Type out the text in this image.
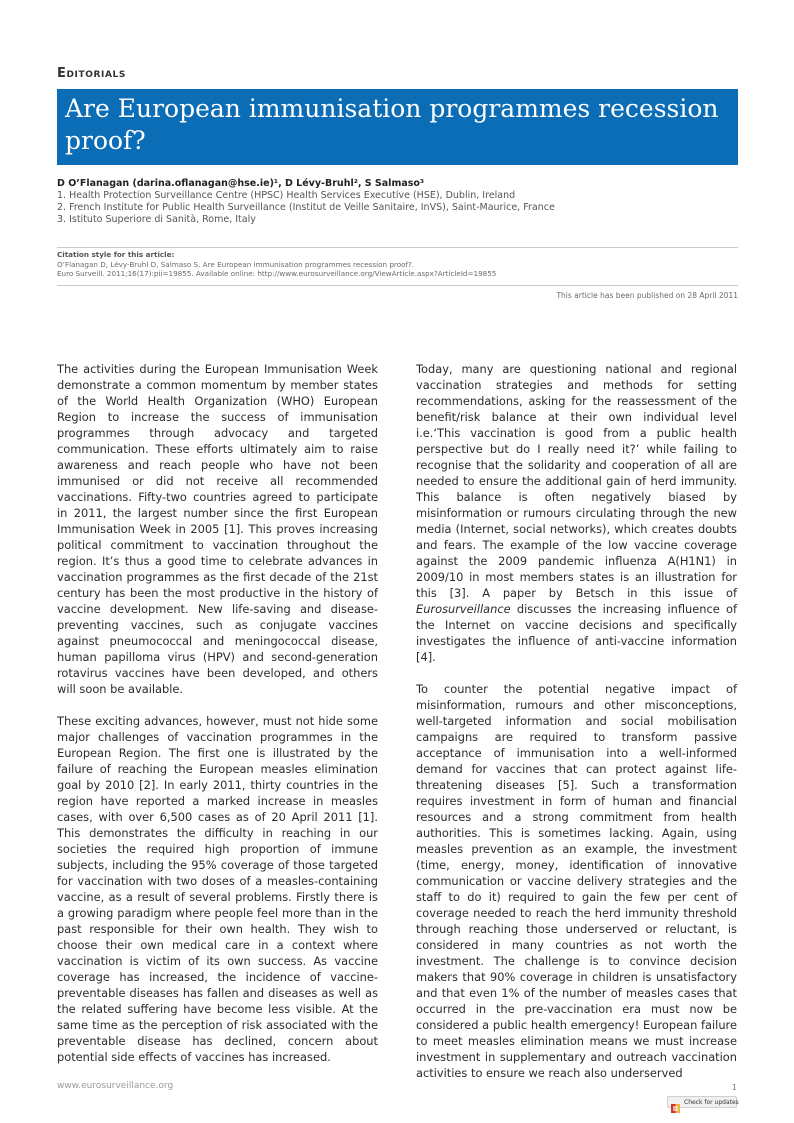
Editorials
Are European immunisation programmes recession proof?
D O’Flanagan (darina.oflanagan@hse.ie)¹, D Lévy-Bruhl², S Salmaso³
1. Health Protection Surveillance Centre (HPSC) Health Services Executive (HSE), Dublin, Ireland
2. French Institute for Public Health Surveillance (Institut de Veille Sanitaire, InVS), Saint-Maurice, France
3. Istituto Superiore di Sanità, Rome, Italy
Citation style for this article:
O’Flanagan D, Lévy-Bruhl D, Salmaso S. Are European immunisation programmes recession proof?.
Euro Surveill. 2011;16(17):pii=19855. Available online: http://www.eurosurveillance.org/ViewArticle.aspx?ArticleId=19855
This article has been published on 28 April 2011

The activities during the European Immunisation Week demonstrate a common momentum by member states of the World Health Organization (WHO) European Region to increase the success of immunisation programmes through advocacy and targeted communication. These efforts ultimately aim to raise awareness and reach people who have not been immunised or did not receive all recommended vaccinations. Fifty-two countries agreed to participate in 2011, the largest number since the first European Immunisation Week in 2005 [1]. This proves increasing political commitment to vaccination throughout the region. It’s thus a good time to celebrate advances in vaccination programmes as the first decade of the 21st century has been the most productive in the history of vaccine development. New life-saving and disease-preventing vaccines, such as conjugate vaccines against pneumococcal and meningococcal disease, human papilloma virus (HPV) and second-generation rotavirus vaccines have been developed, and others will soon be available.

These exciting advances, however, must not hide some major challenges of vaccination programmes in the European Region. The first one is illustrated by the failure of reaching the European measles elimination goal by 2010 [2]. In early 2011, thirty countries in the region have reported a marked increase in measles cases, with over 6,500 cases as of 20 April 2011 [1]. This demonstrates the difficulty in reaching in our societies the required high proportion of immune subjects, including the 95% coverage of those targeted for vaccination with two doses of a measles-containing vaccine, as a result of several problems. Firstly there is a growing paradigm where people feel more than in the past responsible for their own health. They wish to choose their own medical care in a context where vaccination is victim of its own success. As vaccine coverage has increased, the incidence of vaccine-preventable diseases has fallen and diseases as well as the related suffering have become less visible. At the same time as the perception of risk associated with the preventable disease has declined, concern about potential side effects of vaccines has increased.

Today, many are questioning national and regional vaccination strategies and methods for setting recommendations, asking for the reassessment of the benefit/risk balance at their own individual level i.e.‘This vaccination is good from a public health perspective but do I really need it?’ while failing to recognise that the solidarity and cooperation of all are needed to ensure the additional gain of herd immunity. This balance is often negatively biased by misinformation or rumours circulating through the new media (Internet, social networks), which creates doubts and fears. The example of the low vaccine coverage against the 2009 pandemic influenza A(H1N1) in 2009/10 in most members states is an illustration for this [3]. A paper by Betsch in this issue of Eurosurveillance discusses the increasing influence of the Internet on vaccine decisions and specifically investigates the influence of anti-vaccine information [4].

To counter the potential negative impact of misinformation, rumours and other misconceptions, well-targeted information and social mobilisation campaigns are required to transform passive acceptance of immunisation into a well-informed demand for vaccines that can protect against life-threatening diseases [5]. Such a transformation requires investment in form of human and financial resources and a strong commitment from health authorities. This is sometimes lacking. Again, using measles prevention as an example, the investment (time, energy, money, identification of innovative communication or vaccine delivery strategies and the staff to do it) required to gain the few per cent of coverage needed to reach the herd immunity threshold through reaching those underserved or reluctant, is considered in many countries as not worth the investment. The challenge is to convince decision makers that 90% coverage in children is unsatisfactory and that even 1% of the number of measles cases that occurred in the pre-vaccination era must now be considered a public health emergency! European failure to meet measles elimination means we must increase investment in supplementary and outreach vaccination activities to ensure we reach also underserved

www.eurosurveillance.org	1
Check for updates
